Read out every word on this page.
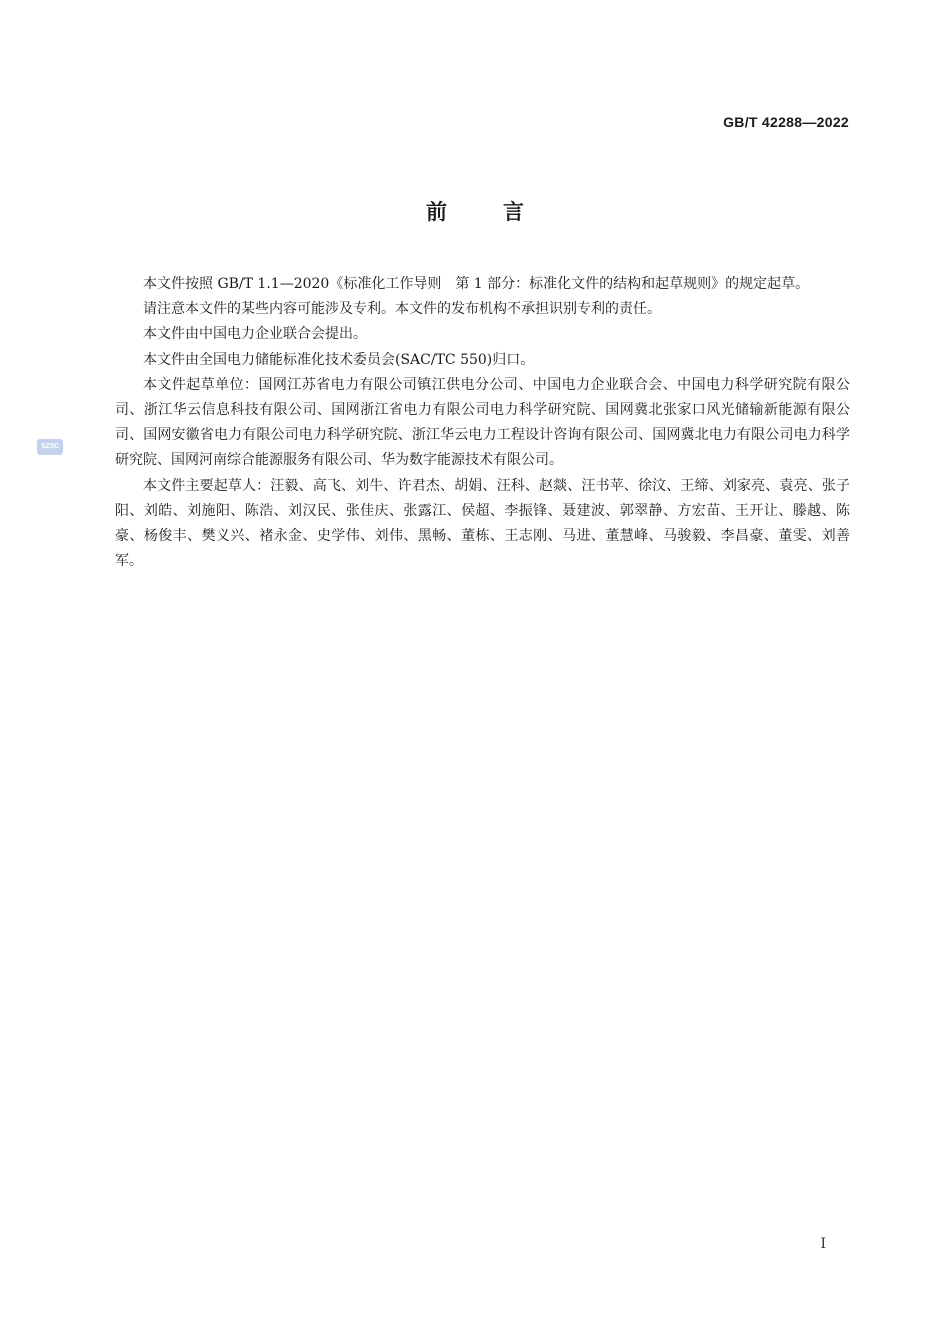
GB/T 42288—2022
前言
SZSC

本文件按照 GB/T 1.1—2020《标准化工作导则　第 1 部分：标准化文件的结构和起草规则》的规定起草。

请注意本文件的某些内容可能涉及专利。本文件的发布机构不承担识别专利的责任。

本文件由中国电力企业联合会提出。

本文件由全国电力储能标准化技术委员会(SAC/TC 550)归口。

本文件起草单位：国网江苏省电力有限公司镇江供电分公司、中国电力企业联合会、中国电力科学研究院有限公司、浙江华云信息科技有限公司、国网浙江省电力有限公司电力科学研究院、国网冀北张家口风光储输新能源有限公司、国网安徽省电力有限公司电力科学研究院、浙江华云电力工程设计咨询有限公司、国网冀北电力有限公司电力科学研究院、国网河南综合能源服务有限公司、华为数字能源技术有限公司。

本文件主要起草人：汪毅、高飞、刘牛、许君杰、胡娟、汪科、赵燚、汪书苹、徐汶、王缔、刘家亮、袁亮、张子阳、刘皓、刘施阳、陈浩、刘汉民、张佳庆、张露江、侯超、李振锋、聂建波、郭翠静、方宏苗、王开让、滕越、陈豪、杨俊丰、樊义兴、褚永金、史学伟、刘伟、黑畅、董栋、王志刚、马进、董慧峰、马骏毅、李昌豪、董雯、刘善军。

I
